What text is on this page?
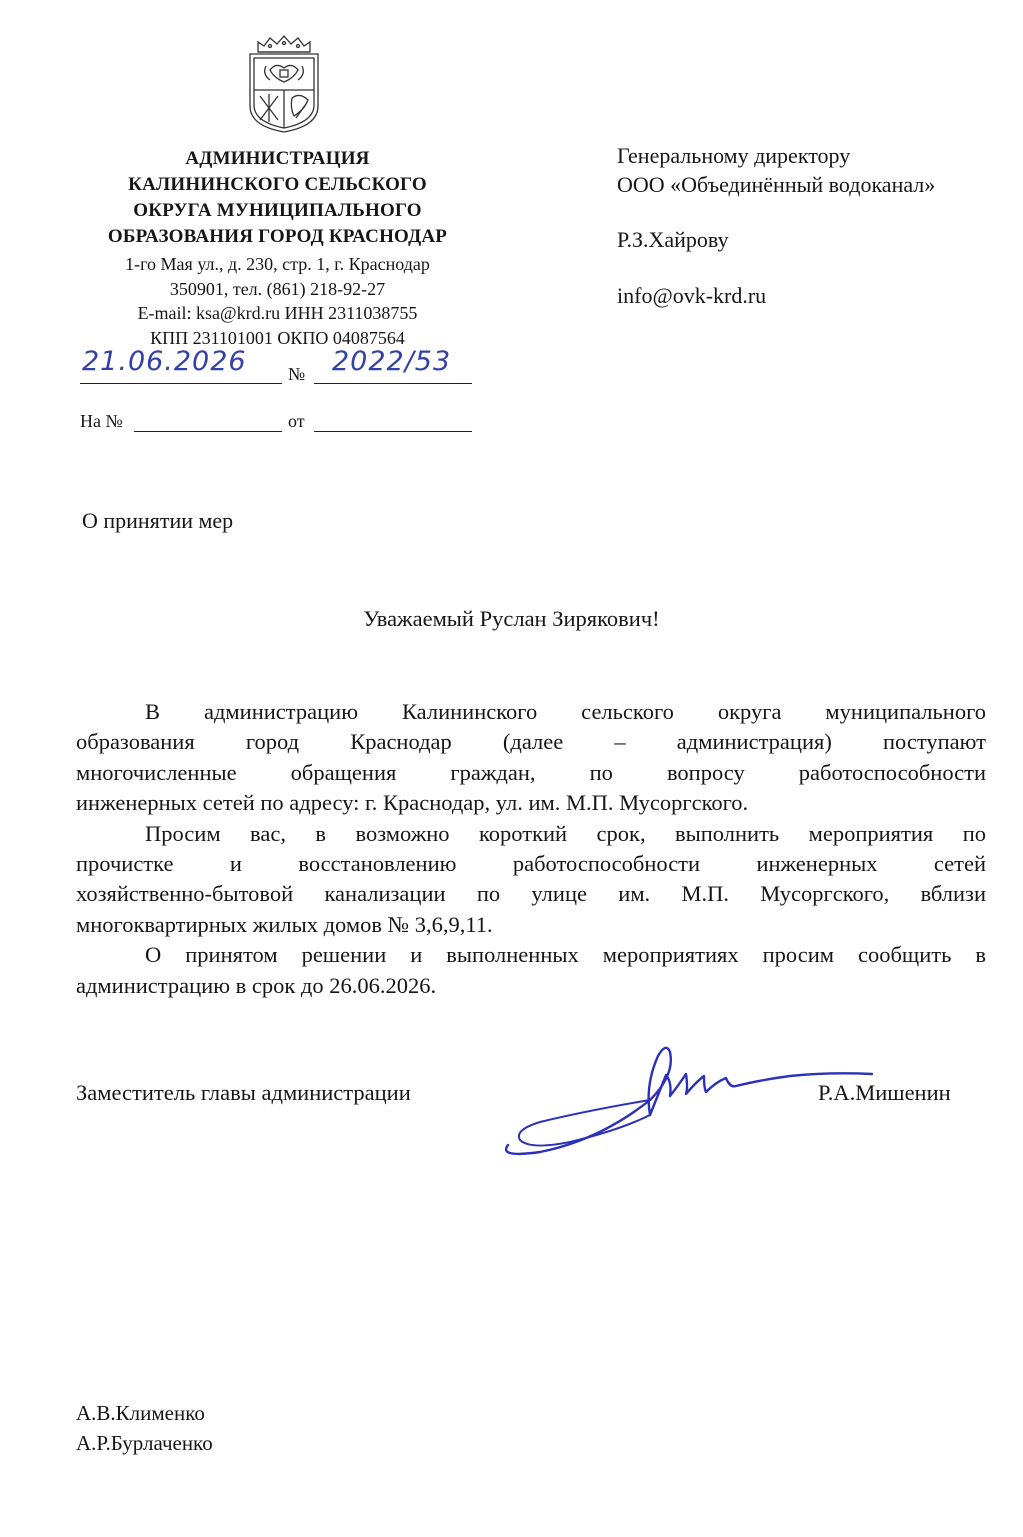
АДМИНИСТРАЦИЯ
КАЛИНИНСКОГО СЕЛЬСКОГО
ОКРУГА МУНИЦИПАЛЬНОГО
ОБРАЗОВАНИЯ ГОРОД КРАСНОДАР
1-го Мая ул., д. 230, стр. 1, г. Краснодар
350901, тел. (861) 218-92-27
E-mail: ksa@krd.ru ИНН 2311038755
КПП 231101001 ОКПО 04087564
21.06.2026 № 2022/53
На №	от
Генеральному директору
ООО «Объединённый водоканал»
Р.З.Хайрову
info@ovk-krd.ru
О принятии мер
Уважаемый Руслан Зирякович!
В администрацию Калининского сельского округа муниципального
образования город Краснодар (далее – администрация) поступают
многочисленные обращения граждан, по вопросу работоспособности
инженерных сетей по адресу: г. Краснодар, ул. им. М.П. Мусоргского.
Просим вас, в возможно короткий срок, выполнить мероприятия по
прочистке и восстановлению работоспособности инженерных сетей
хозяйственно-бытовой канализации по улице им. М.П. Мусоргского, вблизи
многоквартирных жилых домов № 3,6,9,11.
О принятом решении и выполненных мероприятиях просим сообщить в
администрацию в срок до 26.06.2026.
Заместитель главы администрации	Р.А.Мишенин
А.В.Клименко
А.Р.Бурлаченко
